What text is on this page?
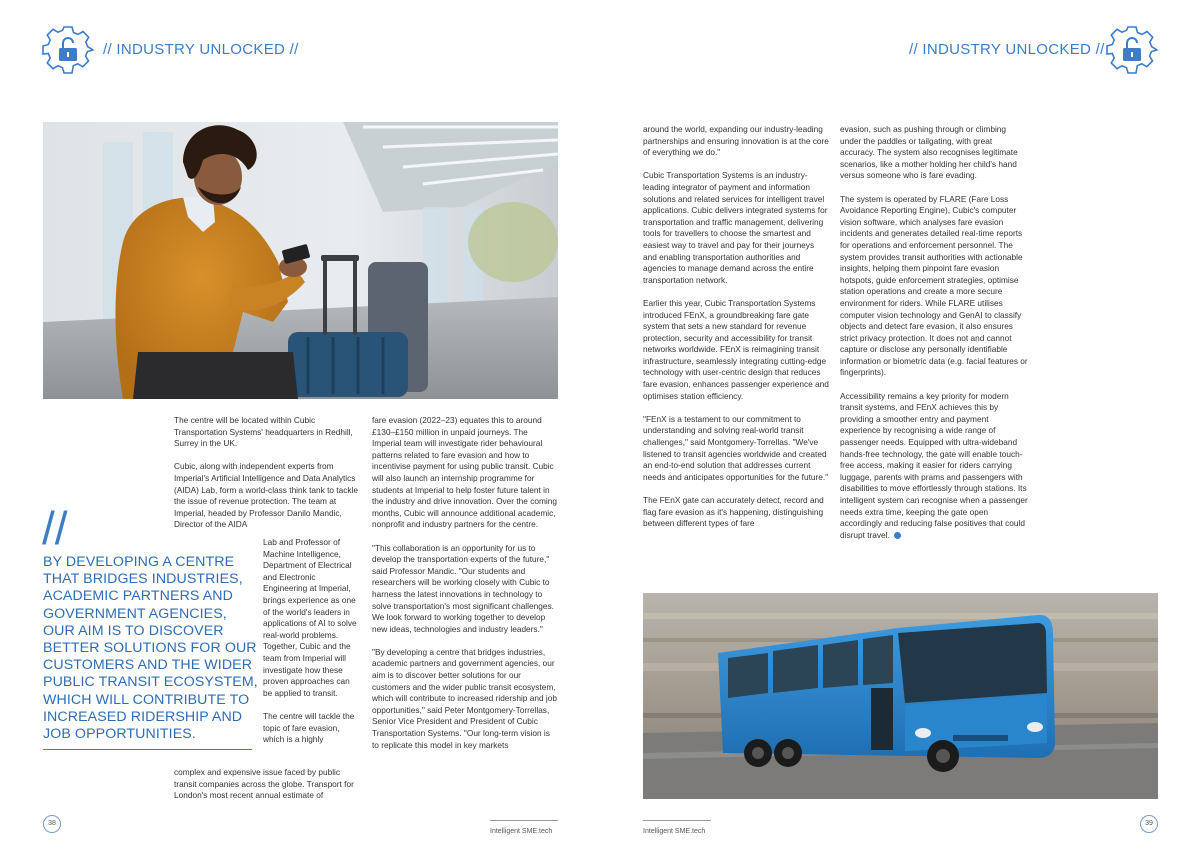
// INDUSTRY UNLOCKED //	// INDUSTRY UNLOCKED //
//
BY DEVELOPING A CENTRE THAT BRIDGES INDUSTRIES, ACADEMIC PARTNERS AND GOVERNMENT AGENCIES, OUR AIM IS TO DISCOVER BETTER SOLUTIONS FOR OUR CUSTOMERS AND THE WIDER PUBLIC TRANSIT ECOSYSTEM, WHICH WILL CONTRIBUTE TO INCREASED RIDERSHIP AND JOB OPPORTUNITIES.

The centre will be located within Cubic Transportation Systems' headquarters in Redhill, Surrey in the UK.

Cubic, along with independent experts from Imperial's Artificial Intelligence and Data Analytics (AIDA) Lab, form a world-class think tank to tackle the issue of revenue protection. The team at Imperial, headed by Professor Danilo Mandic, Director of the AIDA

Lab and Professor of Machine Intelligence, Department of Electrical and Electronic Engineering at Imperial, brings experience as one of the world's leaders in applications of AI to solve real-world problems. Together, Cubic and the team from Imperial will investigate how these proven approaches can be applied to transit.

The centre will tackle the topic of fare evasion, which is a highly

complex and expensive issue faced by public transit companies across the globe. Transport for London's most recent annual estimate of

fare evasion (2022–23) equates this to around £130–£150 million in unpaid journeys. The Imperial team will investigate rider behavioural patterns related to fare evasion and how to incentivise payment for using public transit. Cubic will also launch an internship programme for students at Imperial to help foster future talent in the industry and drive innovation. Over the coming months, Cubic will announce additional academic, nonprofit and industry partners for the centre.

"This collaboration is an opportunity for us to develop the transportation experts of the future," said Professor Mandic. "Our students and researchers will be working closely with Cubic to harness the latest innovations in technology to solve transportation's most significant challenges. We look forward to working together to develop new ideas, technologies and industry leaders."

"By developing a centre that bridges industries, academic partners and government agencies, our aim is to discover better solutions for our customers and the wider public transit ecosystem, which will contribute to increased ridership and job opportunities," said Peter Montgomery-Torrellas, Senior Vice President and President of Cubic Transportation Systems. "Our long-term vision is to replicate this model in key markets

around the world, expanding our industry-leading partnerships and ensuring innovation is at the core of everything we do."

Cubic Transportation Systems is an industry-leading integrator of payment and information solutions and related services for intelligent travel applications. Cubic delivers integrated systems for transportation and traffic management, delivering tools for travellers to choose the smartest and easiest way to travel and pay for their journeys and enabling transportation authorities and agencies to manage demand across the entire transportation network.

Earlier this year, Cubic Transportation Systems introduced FEnX, a groundbreaking fare gate system that sets a new standard for revenue protection, security and accessibility for transit networks worldwide. FEnX is reimagining transit infrastructure, seamlessly integrating cutting-edge technology with user-centric design that reduces fare evasion, enhances passenger experience and optimises station efficiency.

"FEnX is a testament to our commitment to understanding and solving real-world transit challenges," said Montgomery-Torrellas. "We've listened to transit agencies worldwide and created an end-to-end solution that addresses current needs and anticipates opportunities for the future."

The FEnX gate can accurately detect, record and flag fare evasion as it's happening, distinguishing between different types of fare

evasion, such as pushing through or climbing under the paddles or tailgating, with great accuracy. The system also recognises legitimate scenarios, like a mother holding her child's hand versus someone who is fare evading.

The system is operated by FLARE (Fare Loss Avoidance Reporting Engine), Cubic's computer vision software, which analyses fare evasion incidents and generates detailed real-time reports for operations and enforcement personnel. The system provides transit authorities with actionable insights, helping them pinpoint fare evasion hotspots, guide enforcement strategies, optimise station operations and create a more secure environment for riders. While FLARE utilises computer vision technology and GenAI to classify objects and detect fare evasion, it also ensures strict privacy protection. It does not and cannot capture or disclose any personally identifiable information or biometric data (e.g. facial features or fingerprints).

Accessibility remains a key priority for modern transit systems, and FEnX achieves this by providing a smoother entry and payment experience by recognising a wide range of passenger needs. Equipped with ultra-wideband hands-free technology, the gate will enable touch-free access, making it easier for riders carrying luggage, parents with prams and passengers with disabilities to move effortlessly through stations. Its intelligent system can recognise when a passenger needs extra time, keeping the gate open accordingly and reducing false positives that could disrupt travel.

38
Intelligent SME.tech	Intelligent SME.tech
39
